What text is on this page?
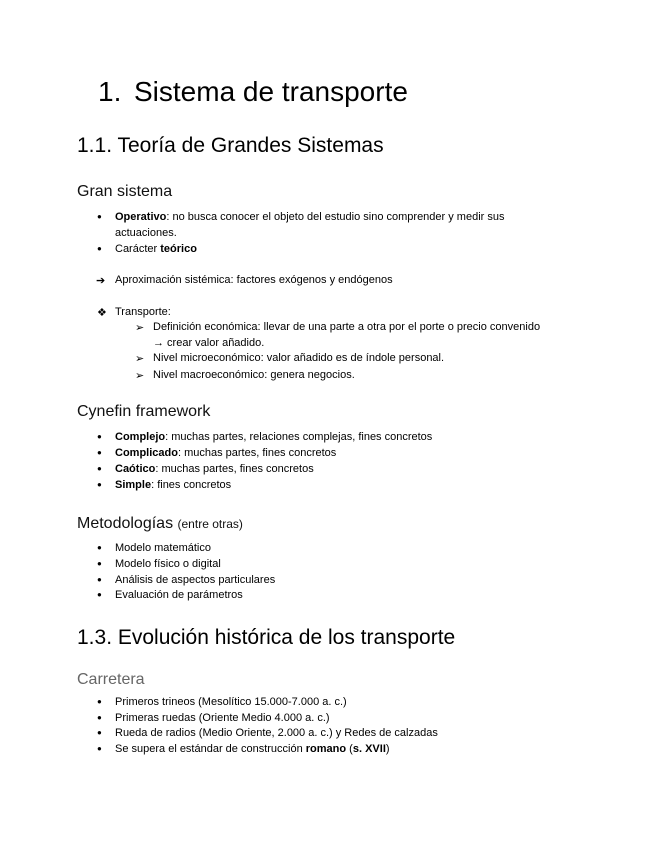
1. Sistema de transporte
1.1. Teoría de Grandes Sistemas
Gran sistema
● Operativo: no busca conocer el objeto del estudio sino comprender y medir sus
actuaciones.
● Carácter teórico
➔ Aproximación sistémica: factores exógenos y endógenos
❖ Transporte:
➢ Definición económica: llevar de una parte a otra por el porte o precio convenido
→ crear valor añadido.
➢ Nivel microeconómico: valor añadido es de índole personal.
➢ Nivel macroeconómico: genera negocios.
Cynefin framework
● Complejo: muchas partes, relaciones complejas, fines concretos
● Complicado: muchas partes, fines concretos
● Caótico: muchas partes, fines concretos
● Simple: fines concretos
Metodologías (entre otras)
● Modelo matemático
● Modelo físico o digital
● Análisis de aspectos particulares
● Evaluación de parámetros
1.3. Evolución histórica de los transporte
Carretera
● Primeros trineos (Mesolítico 15.000-7.000 a. c.)
● Primeras ruedas (Oriente Medio 4.000 a. c.)
● Rueda de radios (Medio Oriente, 2.000 a. c.) y Redes de calzadas
● Se supera el estándar de construcción romano (s. XVII)
